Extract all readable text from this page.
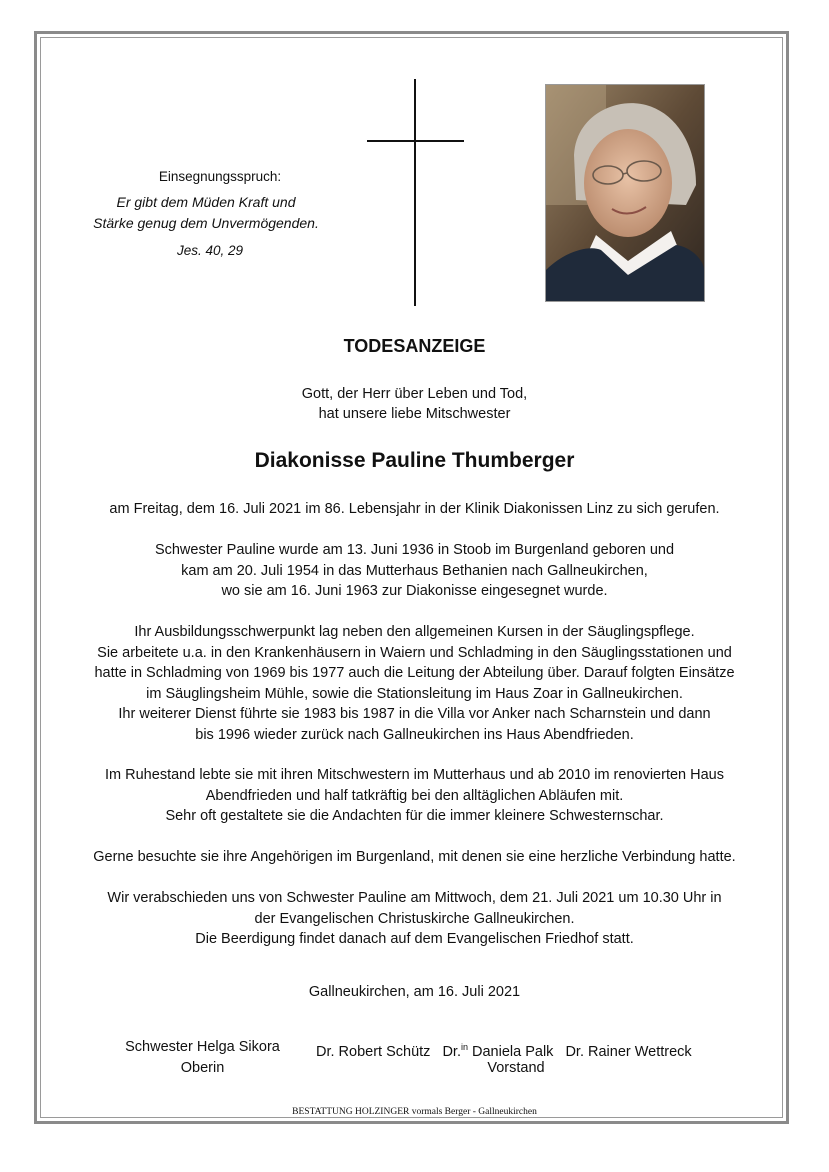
Einsegnungsspruch:
Er gibt dem Müden Kraft und
Stärke genug dem Unvermögenden.
Jes. 40, 29
TODESANZEIGE
Gott, der Herr über Leben und Tod,
hat unsere liebe Mitschwester
Diakonisse Pauline Thumberger
am Freitag, dem 16. Juli 2021 im 86. Lebensjahr in der Klinik Diakonissen Linz zu sich gerufen.
Schwester Pauline wurde am 13. Juni 1936 in Stoob im Burgenland geboren und
kam am 20. Juli 1954 in das Mutterhaus Bethanien nach Gallneukirchen,
wo sie am 16. Juni 1963 zur Diakonisse eingesegnet wurde.
Ihr Ausbildungsschwerpunkt lag neben den allgemeinen Kursen in der Säuglingspflege.
Sie arbeitete u.a. in den Krankenhäusern in Waiern und Schladming in den Säuglingsstationen und
hatte in Schladming von 1969 bis 1977 auch die Leitung der Abteilung über. Darauf folgten Einsätze
im Säuglingsheim Mühle, sowie die Stationsleitung im Haus Zoar in Gallneukirchen.
Ihr weiterer Dienst führte sie 1983 bis 1987 in die Villa vor Anker nach Scharnstein und dann
bis 1996 wieder zurück nach Gallneukirchen ins Haus Abendfrieden.
Im Ruhestand lebte sie mit ihren Mitschwestern im Mutterhaus und ab 2010 im renovierten Haus
Abendfrieden und half tatkräftig bei den alltäglichen Abläufen mit.
Sehr oft gestaltete sie die Andachten für die immer kleinere Schwesternschar.
Gerne besuchte sie ihre Angehörigen im Burgenland, mit denen sie eine herzliche Verbindung hatte.
Wir verabschieden uns von Schwester Pauline am Mittwoch, dem 21. Juli 2021 um 10.30 Uhr in
der Evangelischen Christuskirche Gallneukirchen.
Die Beerdigung findet danach auf dem Evangelischen Friedhof statt.
Gallneukirchen, am 16. Juli 2021
Schwester Helga Sikora
Oberin
Dr. Robert Schütz Dr.$^{in}$ Daniela Palk Dr. Rainer Wettreck
Vorstand
BESTATTUNG HOLZINGER vormals Berger - Gallneukirchen
